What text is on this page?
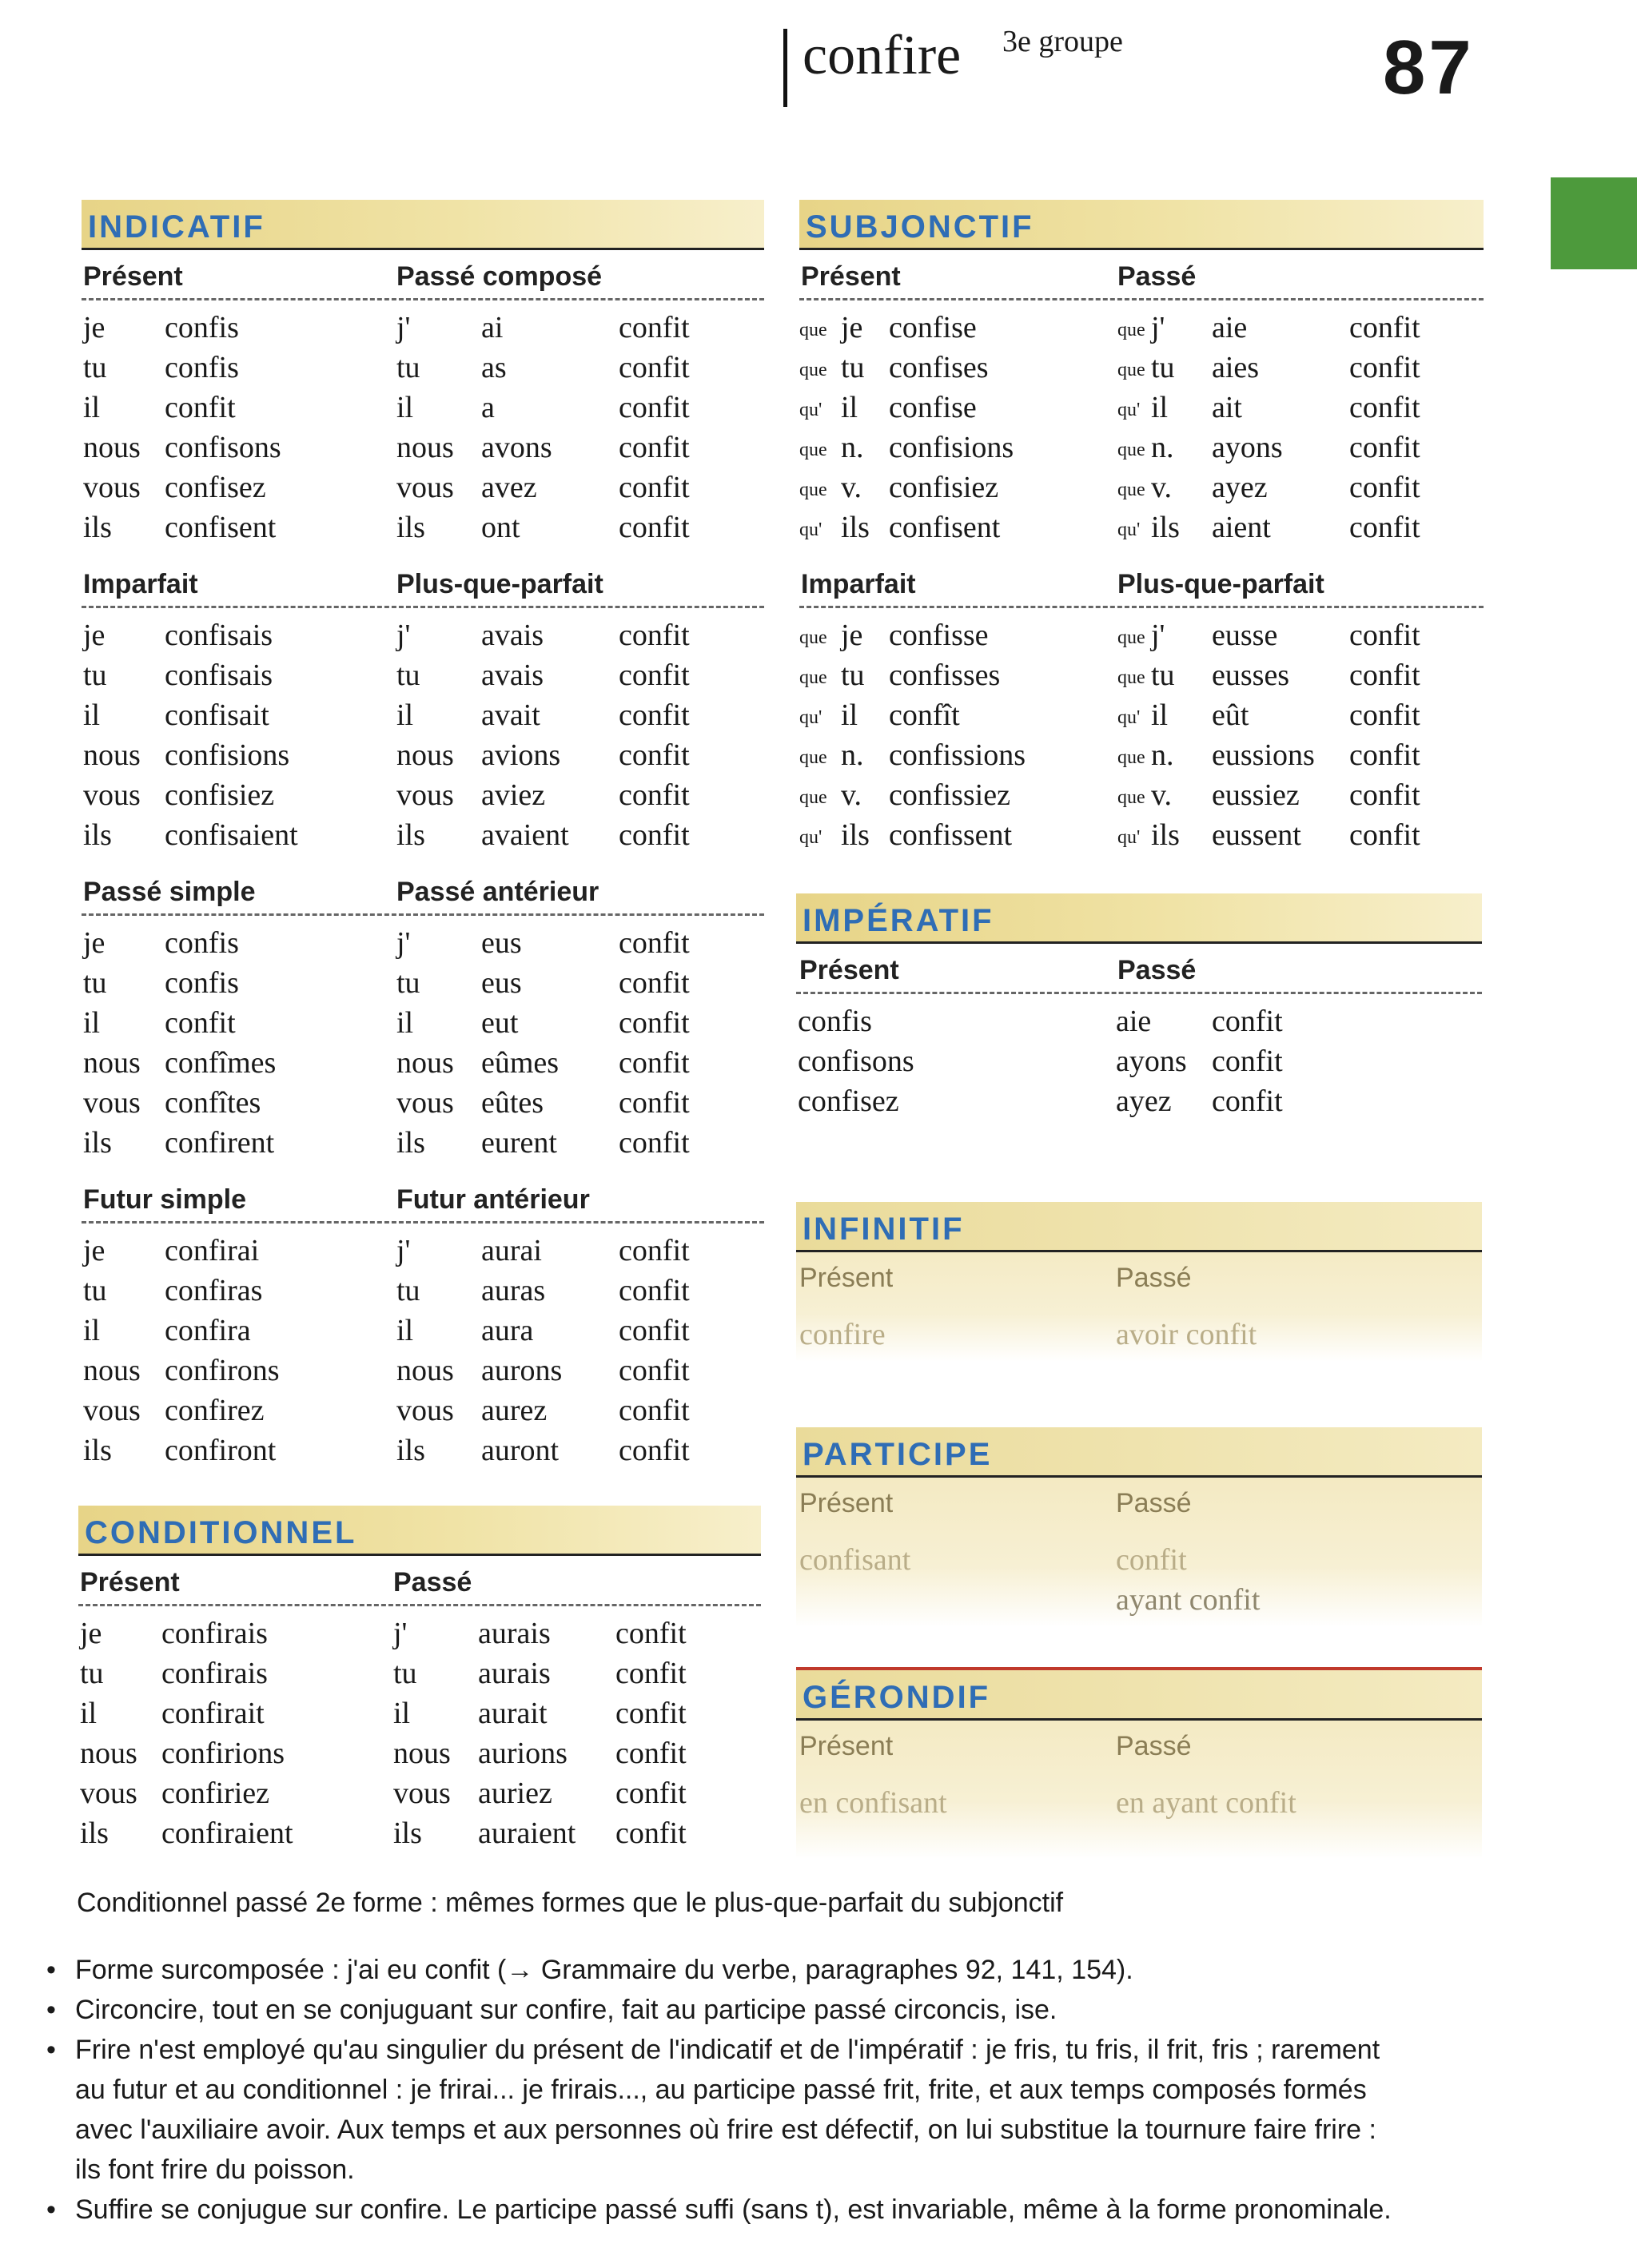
confire 3e groupe	87
INDICATIF
Présent	Passé composé
je confis	j' ai	confit
tu confis	tu as	confit
il confit	il a	confit
nous confisons	nous avons confit
vous confisez	vous avez	confit
ils confisent	ils ont	confit
Imparfait	Plus-que-parfait
je confisais	j' avais confit
tu confisais	tu avais confit
il confisait	il avait	confit
nous confisions	nous avions confit
vous confisiez	vous aviez confit
ils confisaient	ils avaient confit
Passé simple	Passé antérieur
je confis	j' eus	confit
tu confis	tu eus	confit
il confit	il eut	confit
nous confîmes	nous eûmes confit
vous confîtes	vous eûtes confit
ils confirent	ils eurent confit
Futur simple	Futur antérieur
je confirai	j' aurai	confit
tu confiras	tu auras confit
il confira	il aura	confit
nous confirons	nous aurons confit
vous confirez	vous aurez confit
ils confiront	ils auront confit
CONDITIONNEL
Présent	Passé
je confirais	j' aurais confit
tu confirais	tu aurais confit
il confirait	il aurait confit
nous confirions	nous aurions confit
vous confiriez	vous auriez confit
ils confiraient	ils auraient confit
SUBJONCTIF
Présent	Passé
que je confise	que j' aie	confit
que tu confises	que tu aies	confit
qu' il confise	qu' il ait	confit
que n. confisions	que n. ayons confit
que v. confisiez	que v. ayez	confit
qu' ils confisent	qu' ils aient	confit
Imparfait	Plus-que-parfait
que je confisse	que j' eusse confit
que tu confisses	que tu eusses confit
qu' il confît	qu' il eût	confit
que n. confissions	que n. eussions confit
que v. confissiez	que v. eussiez confit
qu' ils confissent	qu' ils eussent confit
IMPÉRATIF
Présent	Passé
confis	aie confit
confisons	ayons confit
confisez	ayez confit
INFINITIF
Présent	Passé
confire	avoir confit
PARTICIPE
Présent	Passé
confisant	confit
ayant confit
GÉRONDIF
Présent	Passé
en confisant	en ayant confit
Conditionnel passé 2e forme : mêmes formes que le plus-que-parfait du subjonctif
• Forme surcomposée : j'ai eu confit (→ Grammaire du verbe, paragraphes 92, 141, 154).
• Circoncire, tout en se conjuguant sur confire, fait au participe passé circoncis, ise.
• Frire n'est employé qu'au singulier du présent de l'indicatif et de l'impératif : je fris, tu fris, il frit, fris ; rarement
au futur et au conditionnel : je frirai... je frirais..., au participe passé frit, frite, et aux temps composés formés
avec l'auxiliaire avoir. Aux temps et aux personnes où frire est défectif, on lui substitue la tournure faire frire :
ils font frire du poisson.
• Suffire se conjugue sur confire. Le participe passé suffi (sans t), est invariable, même à la forme pronominale.
